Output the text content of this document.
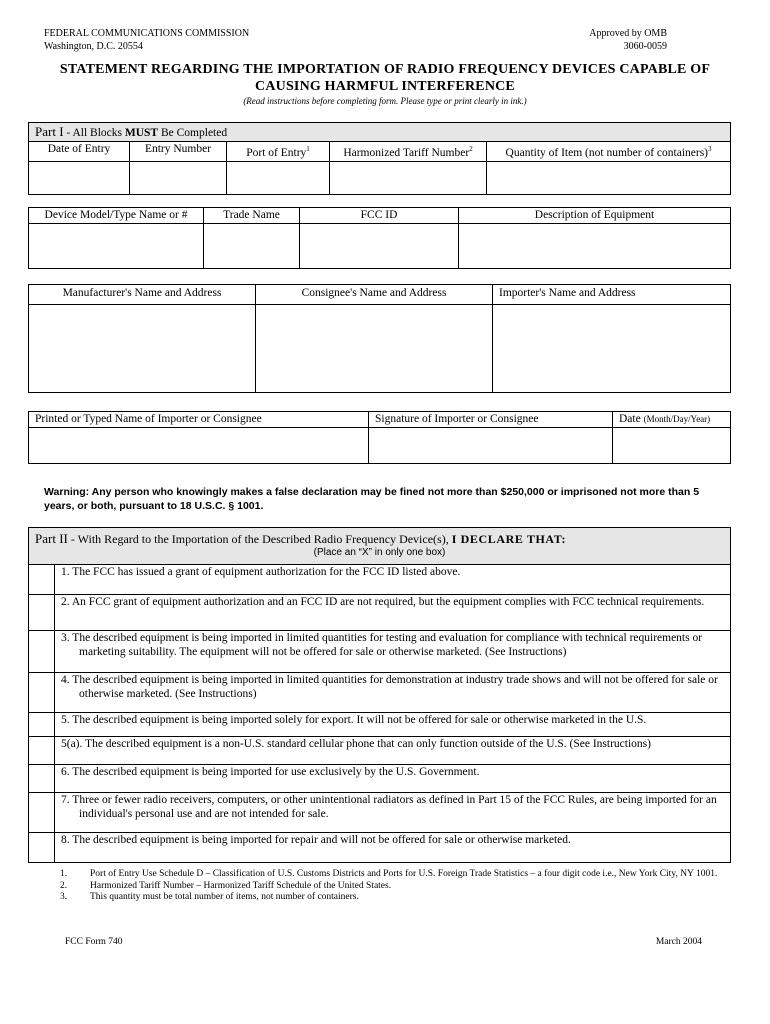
FEDERAL COMMUNICATIONS COMMISSION
Washington, D.C. 20554
Approved by OMB
3060-0059
STATEMENT REGARDING THE IMPORTATION OF RADIO FREQUENCY DEVICES CAPABLE OF
CAUSING HARMFUL INTERFERENCE
(Read instructions before completing form. Please type or print clearly in ink.)
Part I - All Blocks MUST Be Completed				
Date of Entry	Entry Number	Port of Entry$^1$	Harmonized Tariff Number$^2$	Quantity of Item (not number of containers)$^3$

Device Model/Type Name or #	Trade Name	FCC ID	Description of Equipment

Manufacturer's Name and Address	Consignee's Name and Address	Importer's Name and Address

Printed or Typed Name of Importer or Consignee	Signature of Importer or Consignee	Date (Month/Day/Year)

Warning: Any person who knowingly makes a false declaration may be fined not more than $250,000 or imprisoned not more than 5 years, or both, pursuant to 18 U.S.C. § 1001.
Part II - With Regard to the Importation of the Described Radio Frequency Device(s), I DECLARE THAT:
(Place an “X” in only one box)	

	1. The FCC has issued a grant of equipment authorization for the FCC ID listed above.

	2. An FCC grant of equipment authorization and an FCC ID are not required, but the equipment complies with FCC technical requirements.

	3. The described equipment is being imported in limited quantities for testing and evaluation for compliance with technical requirements or marketing suitability. The equipment will not be offered for sale or otherwise marketed. (See Instructions)

	4. The described equipment is being imported in limited quantities for demonstration at industry trade shows and will not be offered for sale or otherwise marketed. (See Instructions)

	5. The described equipment is being imported solely for export. It will not be offered for sale or otherwise marketed in the U.S.

	5(a). The described equipment is a non-U.S. standard cellular phone that can only function outside of the U.S. (See Instructions)

	6. The described equipment is being imported for use exclusively by the U.S. Government.

	7. Three or fewer radio receivers, computers, or other unintentional radiators as defined in Part 15 of the FCC Rules, are being imported for an individual's personal use and are not intended for sale.

	8. The described equipment is being imported for repair and will not be offered for sale or otherwise marketed.
1.	Port of Entry Use Schedule D – Classification of U.S. Customs Districts and Ports for U.S. Foreign Trade Statistics – a four digit code i.e., New York City, NY 1001.
2.	Harmonized Tariff Number – Harmonized Tariff Schedule of the United States.
3.	This quantity must be total number of items, not number of containers.
FCC Form 740	March 2004
